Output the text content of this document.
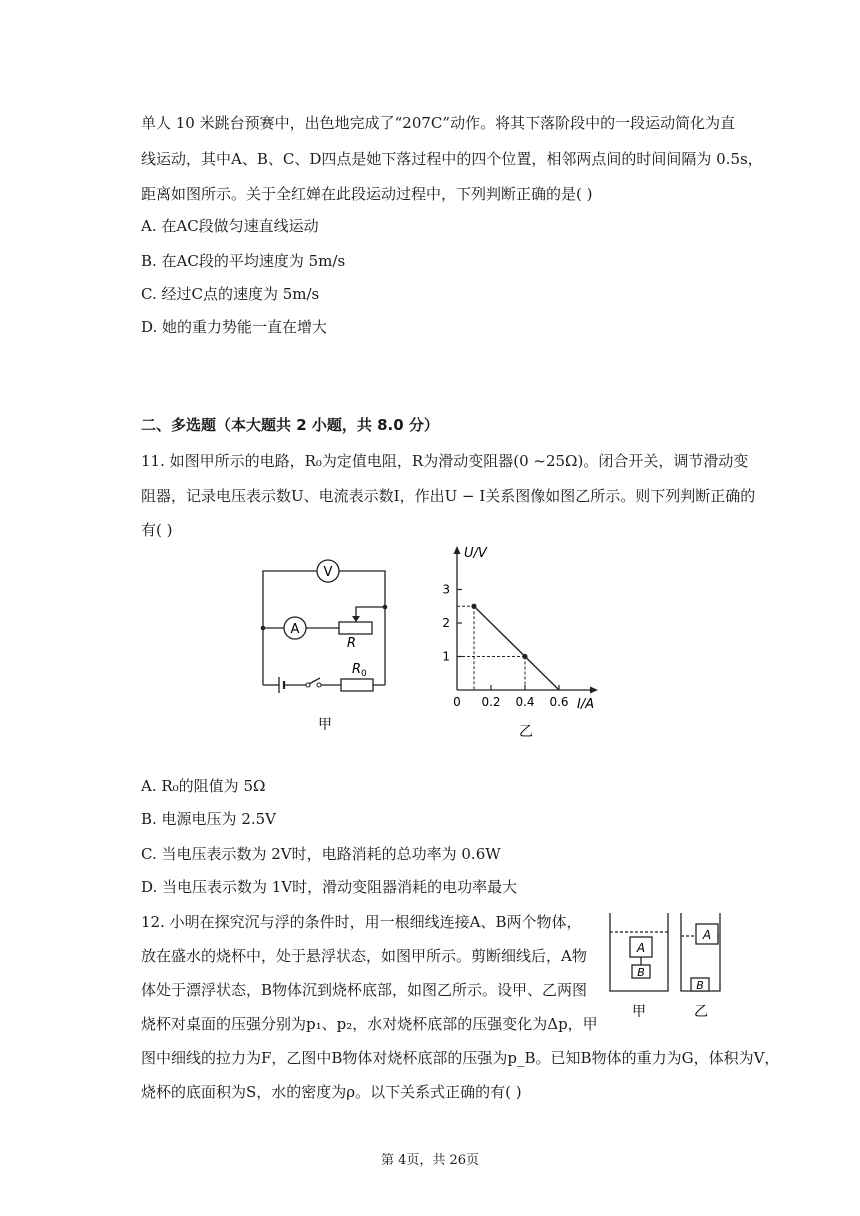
单人 10 米跳台预赛中，出色地完成了“207C”动作。将其下落阶段中的一段运动简化为直
线运动，其中A、B、C、D四点是她下落过程中的四个位置，相邻两点间的时间间隔为 0.5s，
距离如图所示。关于全红婵在此段运动过程中，下列判断正确的是( )
A. 在AC段做匀速直线运动
B. 在AC段的平均速度为 5m/s
C. 经过C点的速度为 5m/s
D. 她的重力势能一直在增大
二、多选题（本大题共 2 小题，共 8.0 分）
11. 如图甲所示的电路，R₀为定值电阻，R为滑动变阻器(0 ~25Ω)。闭合开关，调节滑动变
阻器，记录电压表示数U、电流表示数I，作出U − I关系图像如图乙所示。则下列判断正确的
有( )
V
A
R
$R_0$
甲
1
2
3
0.2 0.4 0.6
U/V
I/A
0
乙
A. R₀的阻值为 5Ω
B. 电源电压为 2.5V
C. 当电压表示数为 2V时，电路消耗的总功率为 0.6W
D. 当电压表示数为 1V时，滑动变阻器消耗的电功率最大
12. 小明在探究沉与浮的条件时，用一根细线连接A、B两个物体，
放在盛水的烧杯中，处于悬浮状态，如图甲所示。剪断细线后，A物
体处于漂浮状态，B物体沉到烧杯底部，如图乙所示。设甲、乙两图
烧杯对桌面的压强分别为p₁、p₂，水对烧杯底部的压强变化为Δp，甲
图中细线的拉力为F，乙图中B物体对烧杯底部的压强为p_B。已知B物体的重力为G，体积为V，
烧杯的底面积为S，水的密度为ρ。以下关系式正确的有( )
A
B
A
B
甲	乙
第 4页，共 26页
